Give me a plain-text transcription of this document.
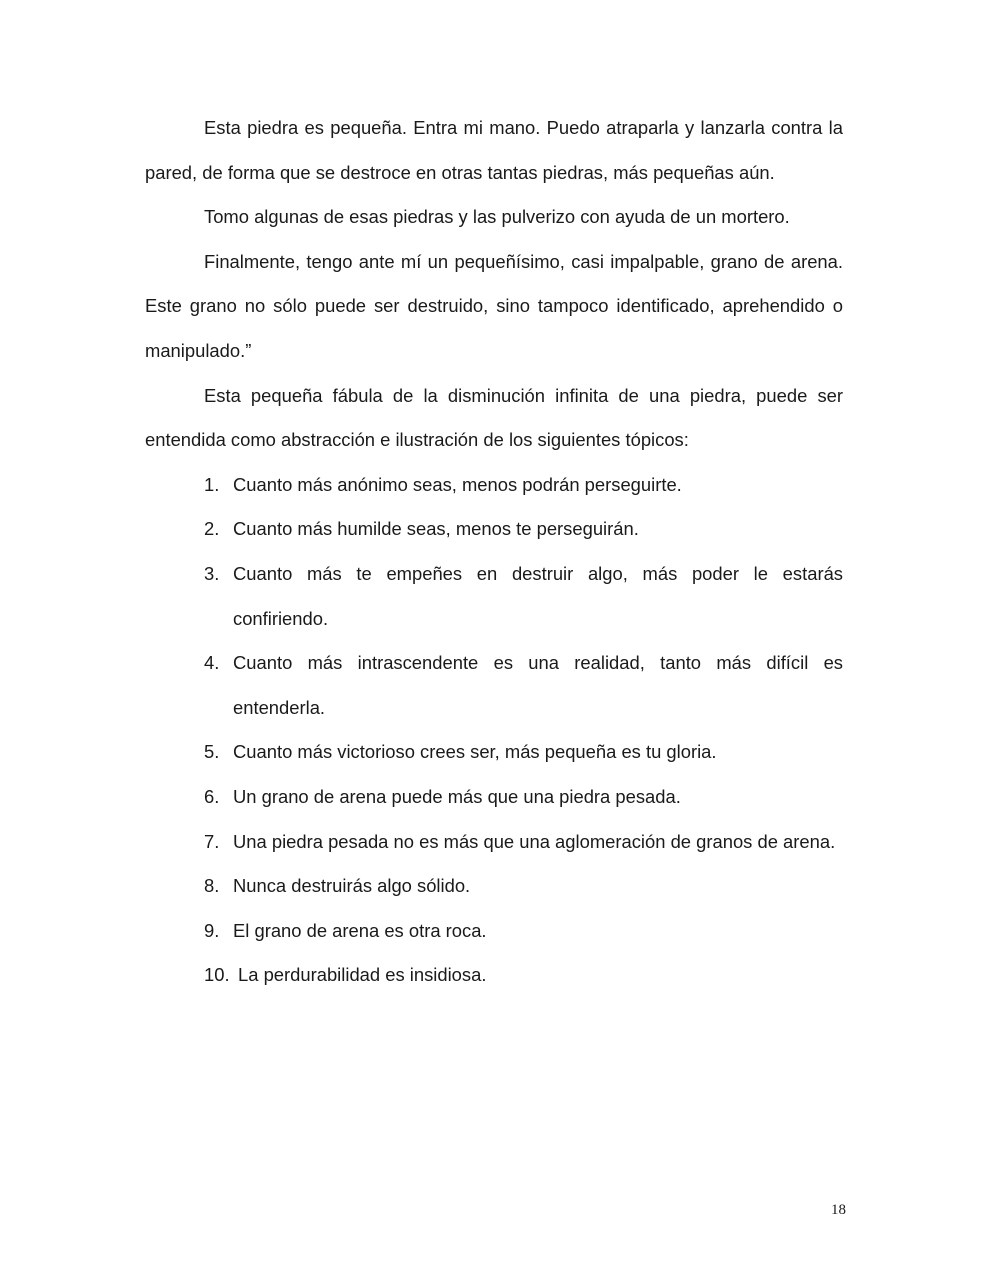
Esta piedra es pequeña. Entra mi mano. Puedo atraparla y lanzarla contra la pared, de forma que se destroce en otras tantas piedras, más pequeñas aún.

Tomo algunas de esas piedras y las pulverizo con ayuda de un mortero.

Finalmente, tengo ante mí un pequeñísimo, casi impalpable, grano de arena. Este grano no sólo puede ser destruido, sino tampoco identificado, aprehendido o manipulado.”

Esta pequeña fábula de la disminución infinita de una piedra, puede ser entendida como abstracción e ilustración de los siguientes tópicos:

1. Cuanto más anónimo seas, menos podrán perseguirte.
2. Cuanto más humilde seas, menos te perseguirán.
3. Cuanto más te empeñes en destruir algo, más poder le estarás confiriendo.
4. Cuanto más intrascendente es una realidad, tanto más difícil es entenderla.
5. Cuanto más victorioso crees ser, más pequeña es tu gloria.
6. Un grano de arena puede más que una piedra pesada.
7. Una piedra pesada no es más que una aglomeración de granos de arena.
8. Nunca destruirás algo sólido.
9. El grano de arena es otra roca.
10. La perdurabilidad es insidiosa.
18
